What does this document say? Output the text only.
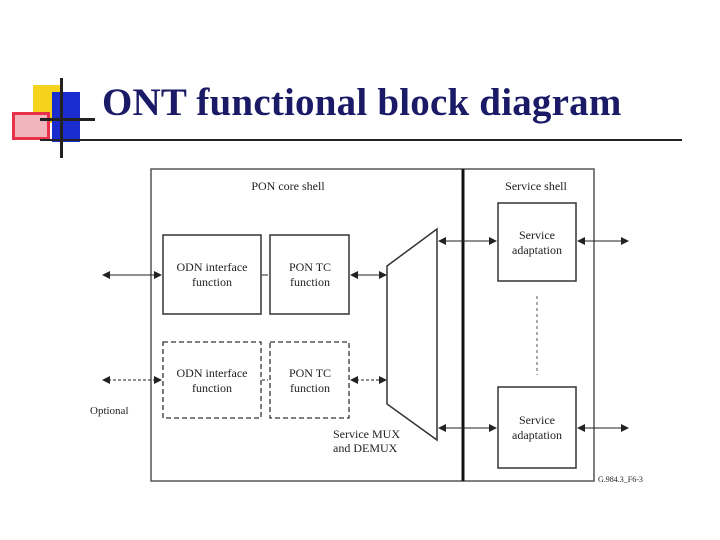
ONT functional block diagram
PON core shell	Service shell
ODN interface
function
PON TC
function
ODN interface
function
PON TC
function
Service MUX
and DEMUX
Service
adaptation
Service
adaptation
Optional
G.984.3_F6-3
